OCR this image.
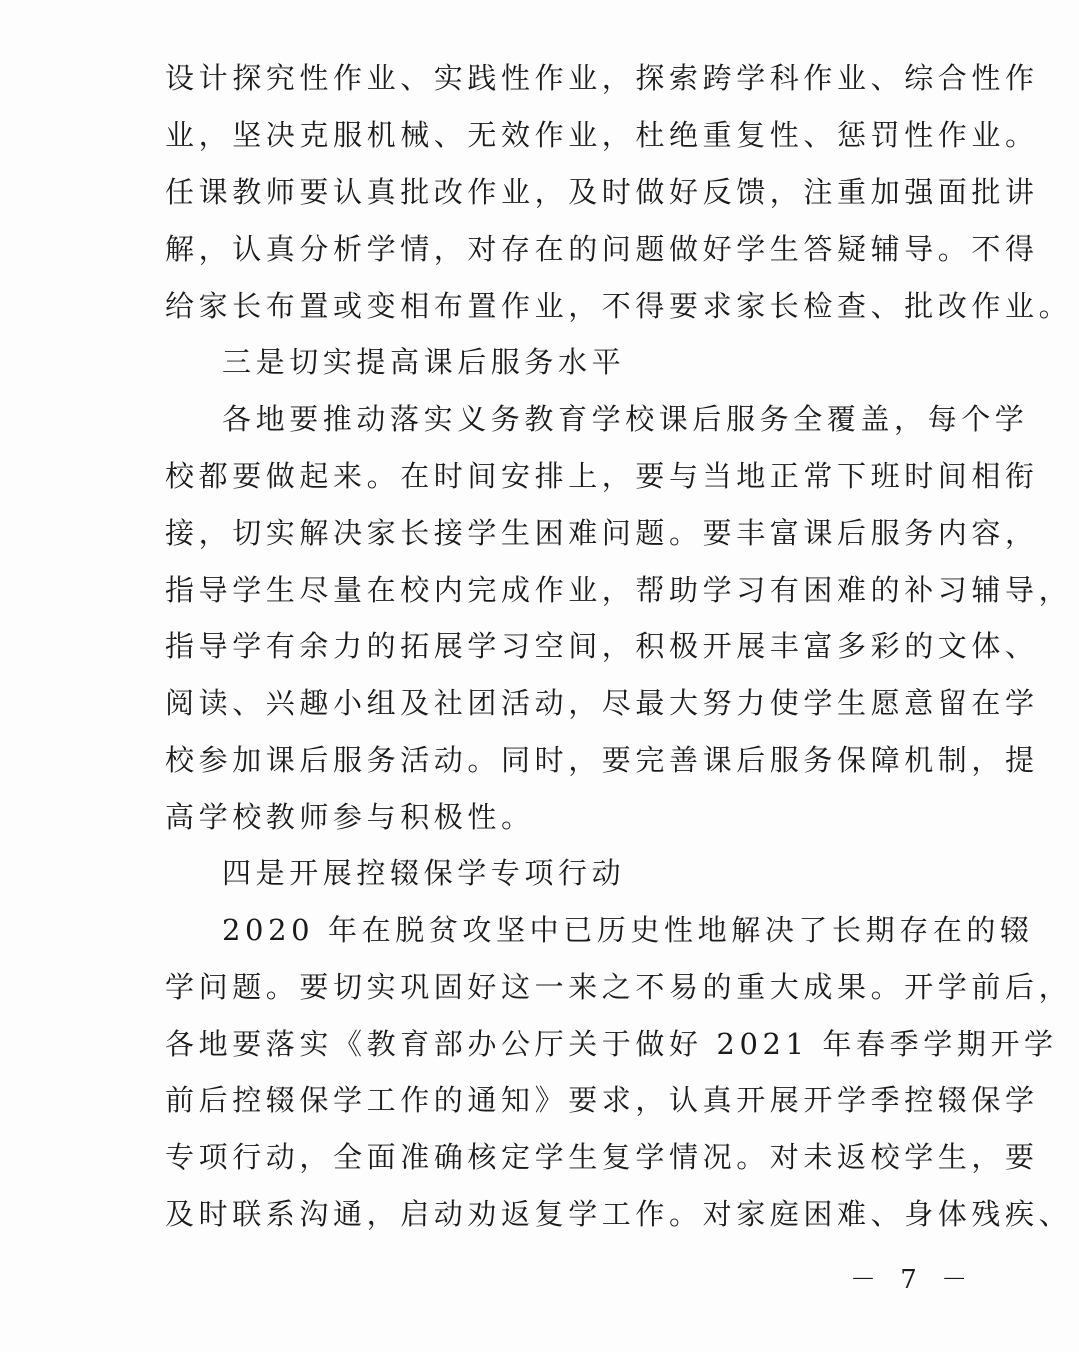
设计探究性作业、实践性作业，探索跨学科作业、综合性作
业，坚决克服机械、无效作业，杜绝重复性、惩罚性作业。
任课教师要认真批改作业，及时做好反馈，注重加强面批讲
解，认真分析学情，对存在的问题做好学生答疑辅导。不得
给家长布置或变相布置作业，不得要求家长检查、批改作业。
三是切实提高课后服务水平
各地要推动落实义务教育学校课后服务全覆盖，每个学
校都要做起来。在时间安排上，要与当地正常下班时间相衔
接，切实解决家长接学生困难问题。要丰富课后服务内容，
指导学生尽量在校内完成作业，帮助学习有困难的补习辅导，
指导学有余力的拓展学习空间，积极开展丰富多彩的文体、
阅读、兴趣小组及社团活动，尽最大努力使学生愿意留在学
校参加课后服务活动。同时，要完善课后服务保障机制，提
高学校教师参与积极性。
四是开展控辍保学专项行动
2020 年在脱贫攻坚中已历史性地解决了长期存在的辍
学问题。要切实巩固好这一来之不易的重大成果。开学前后，
各地要落实《教育部办公厅关于做好 2021 年春季学期开学
前后控辍保学工作的通知》要求，认真开展开学季控辍保学
专项行动，全面准确核定学生复学情况。对未返校学生，要
及时联系沟通，启动劝返复学工作。对家庭困难、身体残疾、
－ 7 －
